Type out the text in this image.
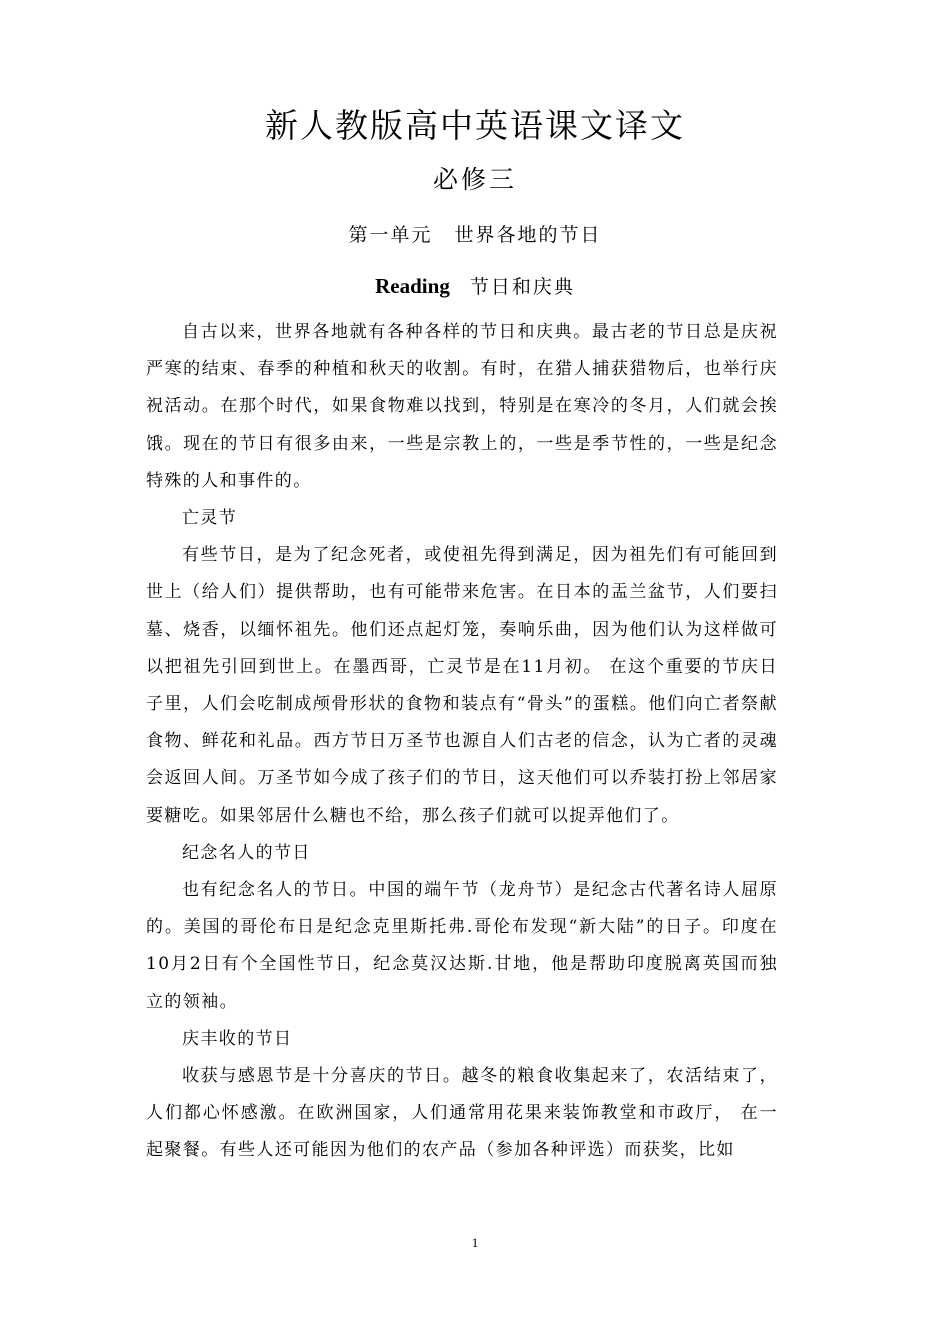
新人教版高中英语课文译文
必修三
第一单元 世界各地的节日
Reading 节日和庆典

自古以来，世界各地就有各种各样的节日和庆典。最古老的节日总是庆祝严寒的结束、春季的种植和秋天的收割。有时，在猎人捕获猎物后，也举行庆祝活动。在那个时代，如果食物难以找到，特别是在寒冷的冬月，人们就会挨饿。现在的节日有很多由来，一些是宗教上的，一些是季节性的，一些是纪念特殊的人和事件的。

亡灵节

有些节日，是为了纪念死者，或使祖先得到满足，因为祖先们有可能回到世上（给人们）提供帮助，也有可能带来危害。在日本的盂兰盆节，人们要扫墓、烧香，以缅怀祖先。他们还点起灯笼，奏响乐曲，因为他们认为这样做可以把祖先引回到世上。在墨西哥，亡灵节是在11月初。 在这个重要的节庆日子里，人们会吃制成颅骨形状的食物和装点有“骨头”的蛋糕。他们向亡者祭献食物、鲜花和礼品。西方节日万圣节也源自人们古老的信念，认为亡者的灵魂会返回人间。万圣节如今成了孩子们的节日，这天他们可以乔装打扮上邻居家要糖吃。如果邻居什么糖也不给，那么孩子们就可以捉弄他们了。

纪念名人的节日

也有纪念名人的节日。中国的端午节（龙舟节）是纪念古代著名诗人屈原的。美国的哥伦布日是纪念克里斯托弗.哥伦布发现“新大陆”的日子。印度在10月2日有个全国性节日，纪念莫汉达斯.甘地，他是帮助印度脱离英国而独立的领袖。

庆丰收的节日

收获与感恩节是十分喜庆的节日。越冬的粮食收集起来了，农活结束了，人们都心怀感激。在欧洲国家，人们通常用花果来装饰教堂和市政厅， 在一起聚餐。有些人还可能因为他们的农产品（参加各种评选）而获奖，比如

1
